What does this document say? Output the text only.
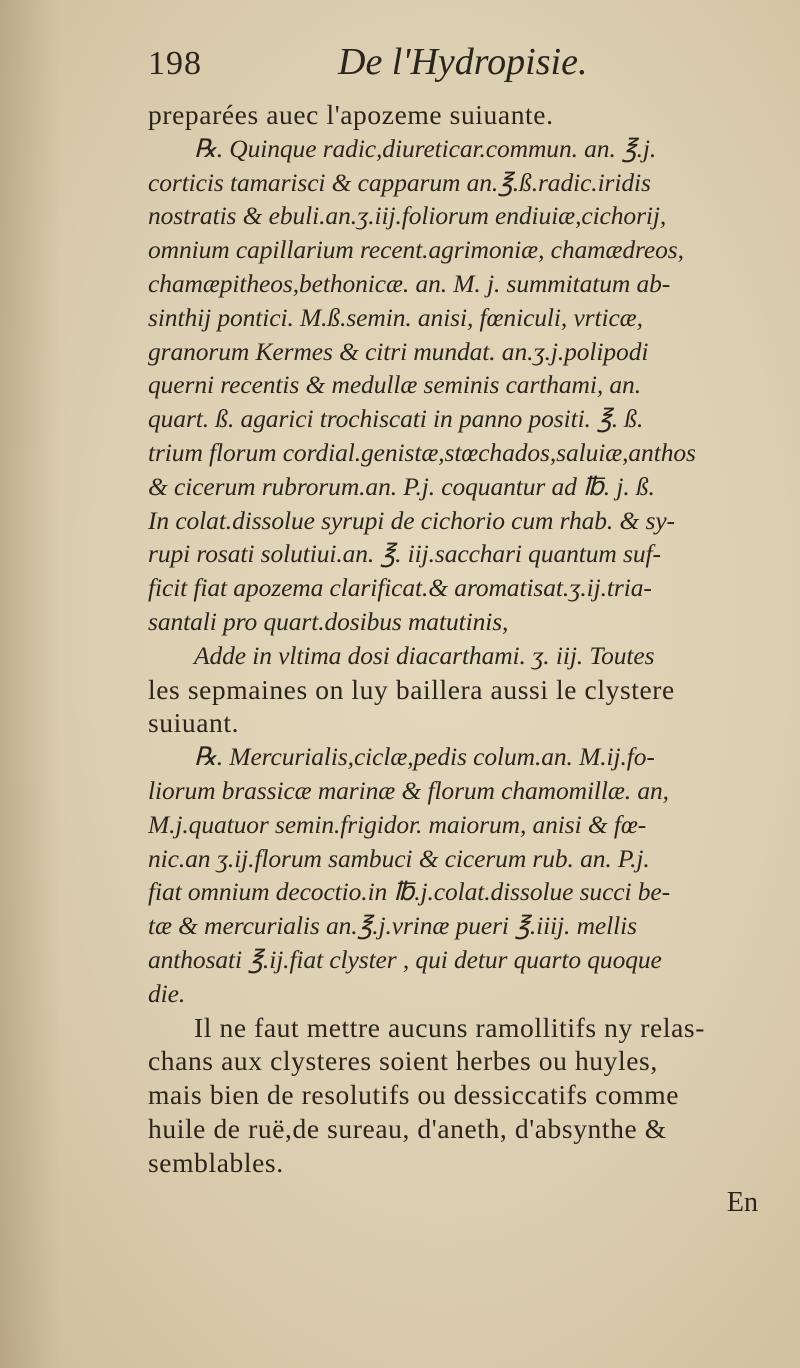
198	De l'Hydropisie.
preparées auec l'apozeme suiuante.
℞. Quinque radic,diureticar.commun. an. ℥.j.
corticis tamarisci & capparum an.℥.ß.radic.iridis
nostratis & ebuli.an.ʒ.iij.foliorum endiuiæ,cichorij,
omnium capillarium recent.agrimoniæ, chamædreos,
chamæpitheos,bethonicæ. an. M. j. summitatum ab-
sinthij pontici. M.ß.semin. anisi, fœniculi, vrticæ,
granorum Kermes & citri mundat. an.ʒ.j.polipodi
querni recentis & medullæ seminis carthami, an.
quart. ß. agarici trochiscati in panno positi. ℥. ß.
trium florum cordial.genistæ,stœchados,saluiæ,anthos
& cicerum rubrorum.an. P.j. coquantur ad ℔. j. ß.
In colat.dissolue syrupi de cichorio cum rhab. & sy-
rupi rosati solutiui.an. ℥. iij.sacchari quantum suf-
ficit fiat apozema clarificat.& aromatisat.ʒ.ij.tria-
santali pro quart.dosibus matutinis,
Adde in vltima dosi diacarthami. ʒ. iij. Toutes
les sepmaines on luy baillera aussi le clystere
suiuant.
℞. Mercurialis,ciclæ,pedis colum.an. M.ij.fo-
liorum brassicæ marinæ & florum chamomillæ. an,
M.j.quatuor semin.frigidor. maiorum, anisi & fœ-
nic.an ʒ.ij.florum sambuci & cicerum rub. an. P.j.
fiat omnium decoctio.in ℔.j.colat.dissolue succi be-
tæ & mercurialis an.℥.j.vrinæ pueri ℥.iiij. mellis
anthosati ℥.ij.fiat clyster , qui detur quarto quoque
die.
Il ne faut mettre aucuns ramollitifs ny relas-
chans aux clysteres soient herbes ou huyles,
mais bien de resolutifs ou dessiccatifs comme
huile de ruë,de sureau, d'aneth, d'absynthe &
semblables.
En
